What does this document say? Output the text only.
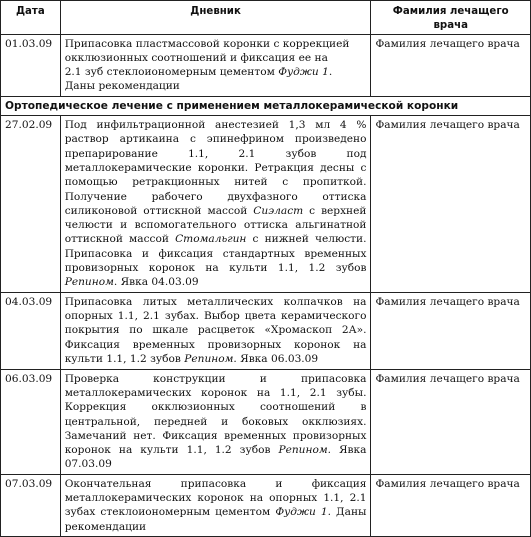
Дата	Дневник	Фамилия лечащего врача
01.03.09	Припасовка пластмассовой коронки с коррекцией
окклюзионных соотношений и фиксация ее на
2.1 зуб стеклоиономерным цементом Фуджи 1.
Даны рекомендации	Фамилия лечащего врача
Ортопедическое лечение с применением металлокерамической коронки		
27.02.09	Под инфильтрационной анестезией 1,3 мл 4 % раствор артикаина с эпинефрином произведено препарирование 1.1, 2.1 зубов под металлокерамические коронки. Ретракция десны с помощью ретракционных нитей с пропиткой. Получение рабочего двухфазного оттиска силиконовой оттискной массой Сиэласт с верхней челюсти и вспомогательного оттиска альгинатной оттискной массой Стомальгин с нижней челюсти. Припасовка и фиксация стандартных временных провизорных коронок на культи 1.1, 1.2 зубов Репином. Явка 04.03.09	Фамилия лечащего врача
04.03.09	Припасовка литых металлических колпачков на опорных 1.1, 2.1 зубах. Выбор цвета керамического покрытия по шкале расцветок «Хромаскоп 2А». Фиксация временных провизорных коронок на культи 1.1, 1.2 зубов Репином. Явка 06.03.09	Фамилия лечащего врача
06.03.09	Проверка конструкции и припасовка металлокерамических коронок на 1.1, 2.1 зубы. Коррекция окклюзионных соотношений в центральной, передней и боковых окклюзиях. Замечаний нет. Фиксация временных провизорных коронок на культи 1.1, 1.2 зубов Репином. Явка 07.03.09	Фамилия лечащего врача
07.03.09	Окончательная припасовка и фиксация металлокерамических коронок на опорных 1.1, 2.1 зубах стеклоиономерным цементом Фуджи 1. Даны рекомендации	Фамилия лечащего врача
